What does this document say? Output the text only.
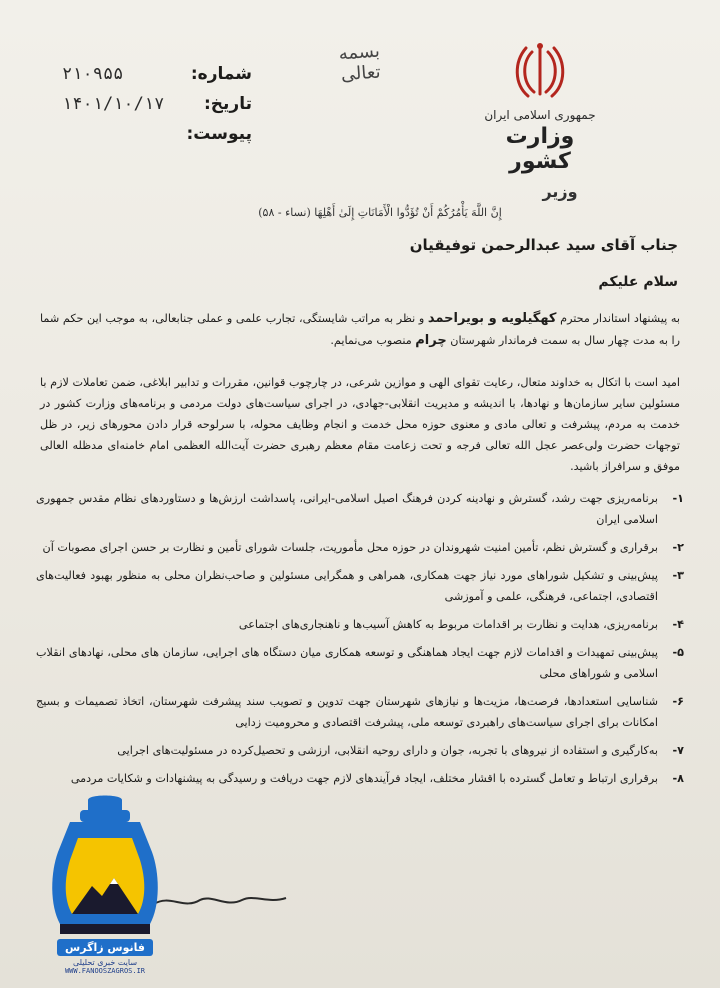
جمهوری اسلامی ایران
وزارت کشور
وزیر
بسمه تعالی
شماره:
۲۱۰۹۵۵
تاریخ:
۱۴۰۱/۱۰/۱۷
پیوست:
إِنَّ اللَّهَ يَأْمُرُكُمْ أَنْ تُؤَدُّوا الْأَمَانَاتِ إِلَىٰ أَهْلِهَا (نساء - ۵۸)
جناب آقای سید عبدالرحمن توفیقیان
سلام علیکم
به پیشنهاد استاندار محترم کهگیلویه و بویراحمد و نظر به مراتب شایستگی، تجارب علمی و عملی جنابعالی، به موجب این حکم شما را به مدت چهار سال به سمت فرماندار شهرستان چرام منصوب می‌نمایم.
امید است با اتکال به خداوند متعال، رعایت تقوای الهی و موازین شرعی، در چارچوب قوانین، مقررات و تدابیر ابلاغی، ضمن تعاملات لازم با مسئولین سایر سازمان‌ها و نهادها، با اندیشه و مدیریت انقلابی-جهادی، در اجرای سیاست‌های دولت مردمی و برنامه‌های وزارت کشور در خدمت به مردم، پیشرفت و تعالی مادی و معنوی حوزه محل خدمت و انجام وظایف محوله، با سرلوحه قرار دادن محورهای زیر، در ظل توجهات حضرت ولی‌عصر عجل الله تعالی فرجه و تحت زعامت مقام معظم رهبری حضرت آیت‌الله العظمی امام خامنه‌ای مدظله العالی موفق و سرافراز باشید.
۱-
برنامه‌ریزی جهت رشد، گسترش و نهادینه کردن فرهنگ اصیل اسلامی-ایرانی، پاسداشت ارزش‌ها و دستاوردهای نظام مقدس جمهوری اسلامی ایران
۲-
برقراری و گسترش نظم، تأمین امنیت شهروندان در حوزه محل مأموریت، جلسات شورای تأمین و نظارت بر حسن اجرای مصوبات آن
۳-
پیش‌بینی و تشکیل شوراهای مورد نیاز جهت همکاری، همراهی و همگرایی مسئولین و صاحب‌نظران محلی به منظور بهبود فعالیت‌های اقتصادی، اجتماعی، فرهنگی، علمی و آموزشی
۴-
برنامه‌ریزی، هدایت و نظارت بر اقدامات مربوط به کاهش آسیب‌ها و ناهنجاری‌های اجتماعی
۵-
پیش‌بینی تمهیدات و اقدامات لازم جهت ایجاد هماهنگی و توسعه همکاری میان دستگاه های اجرایی، سازمان های محلی، نهادهای انقلاب اسلامی و شوراهای محلی
۶-
شناسایی استعدادها، فرصت‌ها، مزیت‌ها و نیازهای شهرستان جهت تدوین و تصویب سند پیشرفت شهرستان، اتخاذ تصمیمات و بسیج امکانات برای اجرای سیاست‌های راهبردی توسعه ملی، پیشرفت اقتصادی و محرومیت زدایی
۷-
به‌کارگیری و استفاده از نیروهای با تجربه، جوان و دارای روحیه انقلابی، ارزشی و تحصیل‌کرده در مسئولیت‌های اجرایی
۸-
برقراری ارتباط و تعامل گسترده با اقشار مختلف، ایجاد فرآیندهای لازم جهت دریافت و رسیدگی به پیشنهادات و شکایات مردمی
فانوس زاگرس
سایت خبری تحلیلی
WWW.FANOOSZAGROS.IR
